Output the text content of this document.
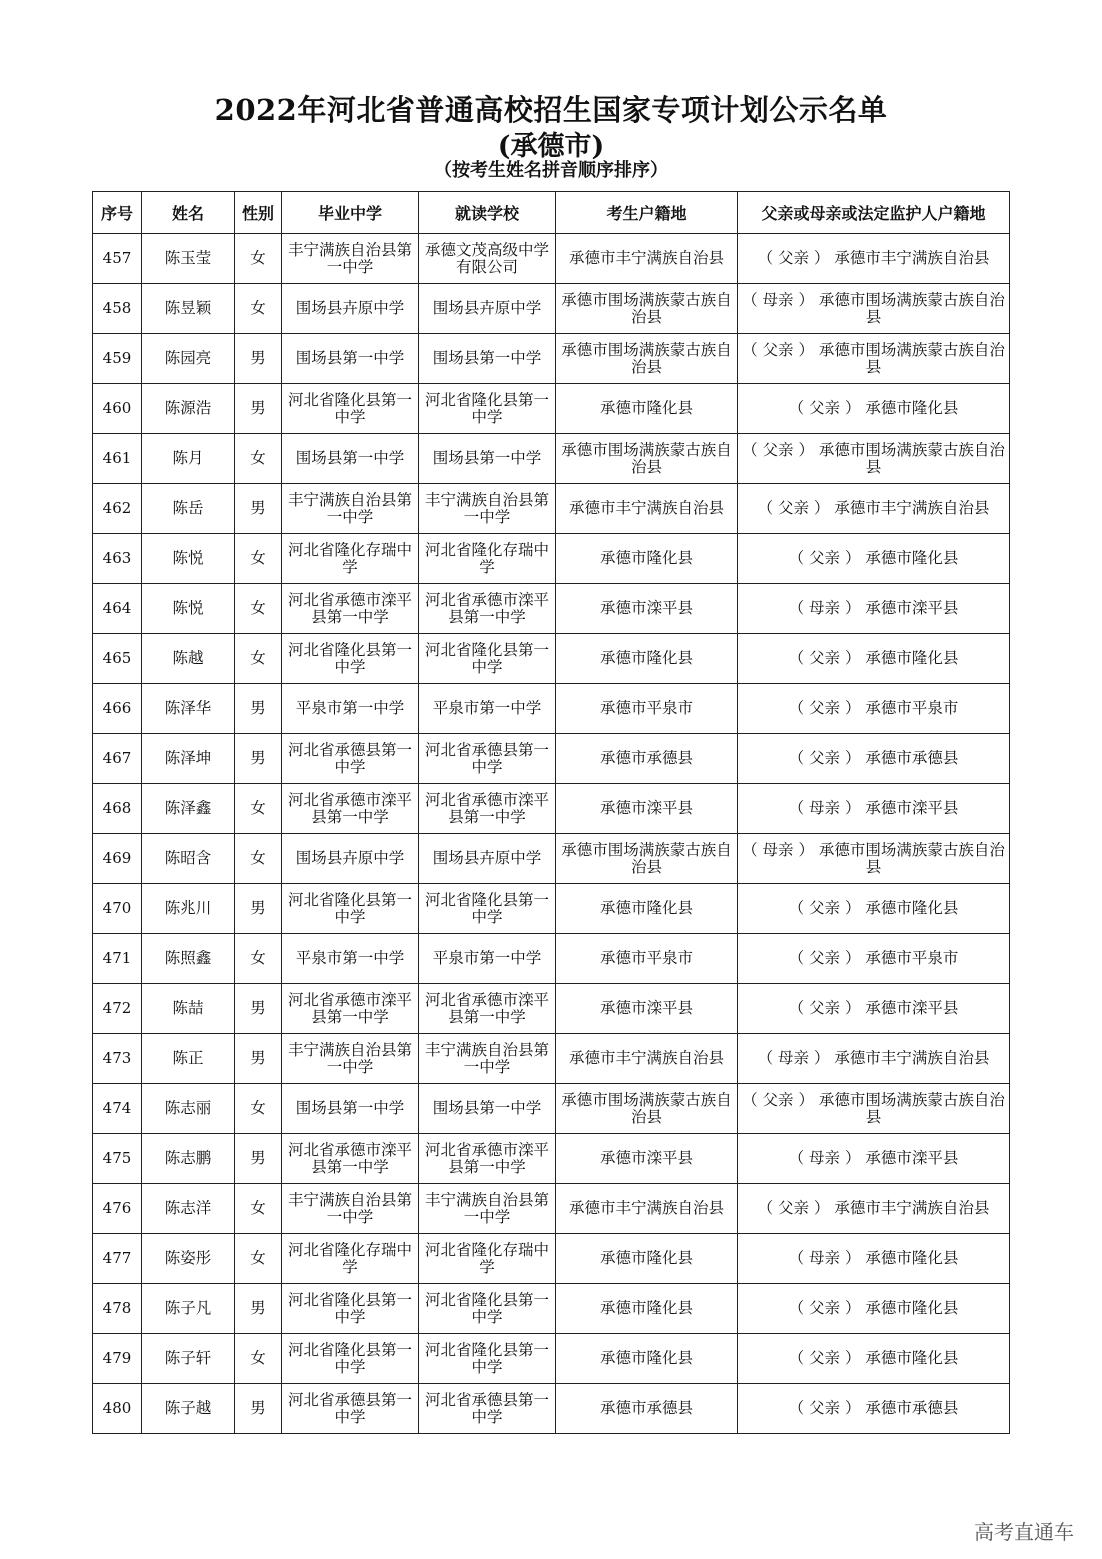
2022年河北省普通高校招生国家专项计划公示名单
(承德市)
（按考生姓名拼音顺序排序）
序号	姓名	性别	毕业中学	就读学校	考生户籍地	父亲或母亲或法定监护人户籍地
457	陈玉莹	女	丰宁满族自治县第一中学	承德文茂高级中学有限公司	承德市丰宁满族自治县	（ 父亲 ） 承德市丰宁满族自治县
458	陈昱颖	女	围场县卉原中学	围场县卉原中学	承德市围场满族蒙古族自治县	（ 母亲 ） 承德市围场满族蒙古族自治县
459	陈园亮	男	围场县第一中学	围场县第一中学	承德市围场满族蒙古族自治县	（ 父亲 ） 承德市围场满族蒙古族自治县
460	陈源浩	男	河北省隆化县第一中学	河北省隆化县第一中学	承德市隆化县	（ 父亲 ） 承德市隆化县
461	陈月	女	围场县第一中学	围场县第一中学	承德市围场满族蒙古族自治县	（ 父亲 ） 承德市围场满族蒙古族自治县
462	陈岳	男	丰宁满族自治县第一中学	丰宁满族自治县第一中学	承德市丰宁满族自治县	（ 父亲 ） 承德市丰宁满族自治县
463	陈悦	女	河北省隆化存瑞中学	河北省隆化存瑞中学	承德市隆化县	（ 父亲 ） 承德市隆化县
464	陈悦	女	河北省承德市滦平县第一中学	河北省承德市滦平县第一中学	承德市滦平县	（ 母亲 ） 承德市滦平县
465	陈越	女	河北省隆化县第一中学	河北省隆化县第一中学	承德市隆化县	（ 父亲 ） 承德市隆化县
466	陈泽华	男	平泉市第一中学	平泉市第一中学	承德市平泉市	（ 父亲 ） 承德市平泉市
467	陈泽坤	男	河北省承德县第一中学	河北省承德县第一中学	承德市承德县	（ 父亲 ） 承德市承德县
468	陈泽鑫	女	河北省承德市滦平县第一中学	河北省承德市滦平县第一中学	承德市滦平县	（ 母亲 ） 承德市滦平县
469	陈昭含	女	围场县卉原中学	围场县卉原中学	承德市围场满族蒙古族自治县	（ 母亲 ） 承德市围场满族蒙古族自治县
470	陈兆川	男	河北省隆化县第一中学	河北省隆化县第一中学	承德市隆化县	（ 父亲 ） 承德市隆化县
471	陈照鑫	女	平泉市第一中学	平泉市第一中学	承德市平泉市	（ 父亲 ） 承德市平泉市
472	陈喆	男	河北省承德市滦平县第一中学	河北省承德市滦平县第一中学	承德市滦平县	（ 父亲 ） 承德市滦平县
473	陈正	男	丰宁满族自治县第一中学	丰宁满族自治县第一中学	承德市丰宁满族自治县	（ 母亲 ） 承德市丰宁满族自治县
474	陈志丽	女	围场县第一中学	围场县第一中学	承德市围场满族蒙古族自治县	（ 父亲 ） 承德市围场满族蒙古族自治县
475	陈志鹏	男	河北省承德市滦平县第一中学	河北省承德市滦平县第一中学	承德市滦平县	（ 母亲 ） 承德市滦平县
476	陈志洋	女	丰宁满族自治县第一中学	丰宁满族自治县第一中学	承德市丰宁满族自治县	（ 父亲 ） 承德市丰宁满族自治县
477	陈姿彤	女	河北省隆化存瑞中学	河北省隆化存瑞中学	承德市隆化县	（ 母亲 ） 承德市隆化县
478	陈子凡	男	河北省隆化县第一中学	河北省隆化县第一中学	承德市隆化县	（ 父亲 ） 承德市隆化县
479	陈子轩	女	河北省隆化县第一中学	河北省隆化县第一中学	承德市隆化县	（ 父亲 ） 承德市隆化县
480	陈子越	男	河北省承德县第一中学	河北省承德县第一中学	承德市承德县	（ 父亲 ） 承德市承德县
高考直通车
